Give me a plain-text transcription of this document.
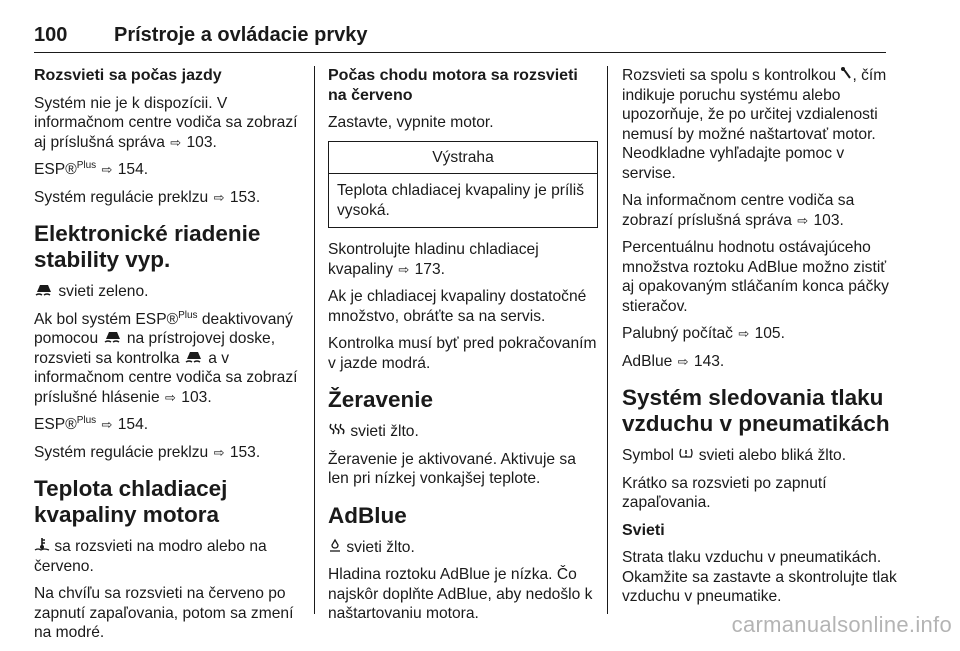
100 Prístroje a ovládacie prvky
Rozsvieti sa počas jazdy

Systém nie je k dispozícii. V informačnom centre vodiča sa zobrazí aj príslušná správa ⇨ 103.

ESP®$^{Plus}$ ⇨ 154.

Systém regulácie preklzu ⇨ 153.

Elektronické riadenie stability vyp.

svieti zeleno.

Ak bol systém ESP®$^{Plus}$ deaktivovaný pomocou na prístrojovej doske, rozsvieti sa kontrolka a v informačnom centre vodiča sa zobrazí príslušné hlásenie ⇨ 103.

ESP®$^{Plus}$ ⇨ 154.

Systém regulácie preklzu ⇨ 153.

Teplota chladiacej kvapaliny motora

sa rozsvieti na modro alebo na červeno.

Na chvíľu sa rozsvieti na červeno po zapnutí zapaľovania, potom sa zmení na modré.

Počas chodu motora sa rozsvieti na červeno

Zastavte, vypnite motor.

Výstraha
Teplota chladiacej kvapaliny je príliš vysoká.

Skontrolujte hladinu chladiacej kvapaliny ⇨ 173.

Ak je chladiacej kvapaliny dostatočné množstvo, obráťte sa na servis.

Kontrolka musí byť pred pokračovaním v jazde modrá.

Žeravenie

svieti žlto.

Žeravenie je aktivované. Aktivuje sa len pri nízkej vonkajšej teplote.

AdBlue

svieti žlto.

Hladina roztoku AdBlue je nízka. Čo najskôr doplňte AdBlue, aby nedošlo k naštartovaniu motora.

Rozsvieti sa spolu s kontrolkou , čím indikuje poruchu systému alebo upozorňuje, že po určitej vzdialenosti nemusí by možné naštartovať motor. Neodkladne vyhľadajte pomoc v servise.

Na informačnom centre vodiča sa zobrazí príslušná správa ⇨ 103.

Percentuálnu hodnotu ostávajúceho množstva roztoku AdBlue možno zistiť aj opakovaným stláčaním konca páčky stieračov.

Palubný počítač ⇨ 105.

AdBlue ⇨ 143.

Systém sledovania tlaku vzduchu v pneumatikách

Symbol svieti alebo bliká žlto.

Krátko sa rozsvieti po zapnutí zapaľovania.

Svieti

Strata tlaku vzduchu v pneumatikách. Okamžite sa zastavte a skontrolujte tlak vzduchu v pneumatike.

carmanualsonline.info
